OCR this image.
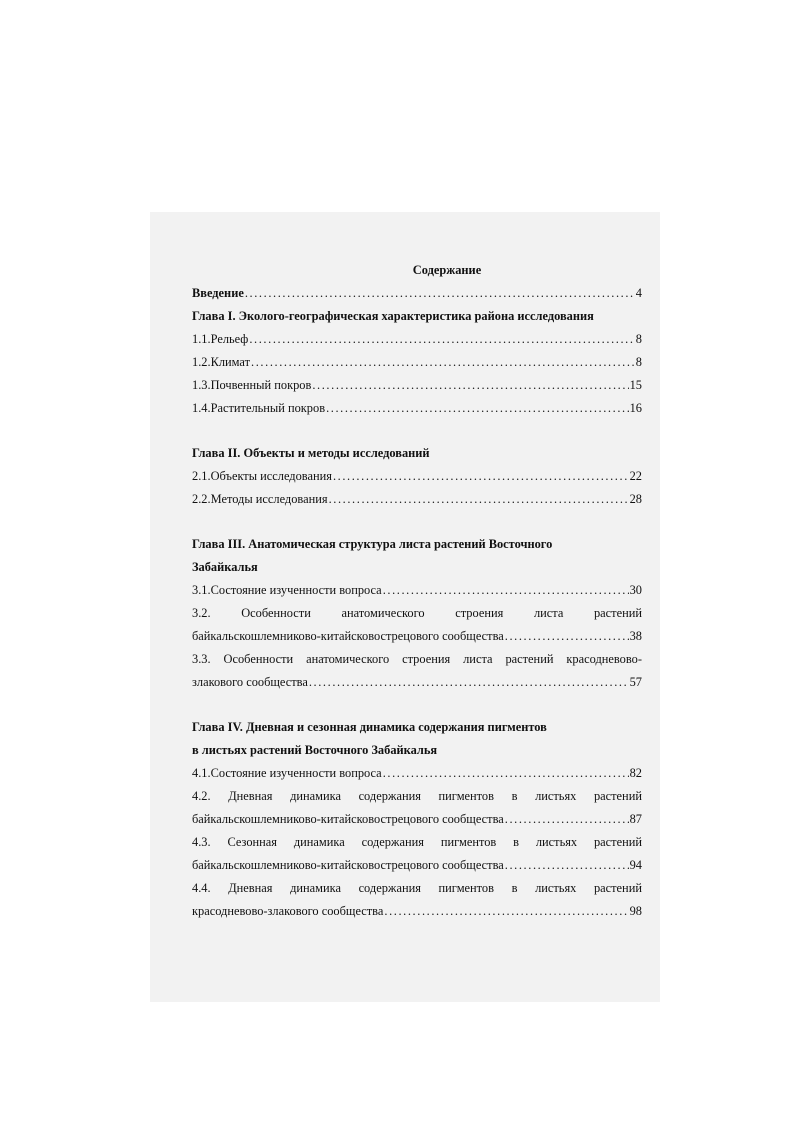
Содержание
Введение .....	4
Глава I. Эколого-географическая характеристика района исследования
1.1. Рельеф .....	8
1.2. Климат .....	8
1.3. Почвенный покров .....	15
1.4. Растительный покров .....	16
Глава II. Объекты и методы исследований
2.1. Объекты исследования .....	22
2.2. Методы исследования .....	28
Глава III. Анатомическая структура листа растений Восточного
Забайкалья
3.1. Состояние изученности вопроса .....	30
3.2. Особенности анатомического строения листа растений
байкальскошлемниково-китайсковострецового сообщества .....	38
3.3. Особенности анатомического строения листа растений красодневово-
злакового сообщества .....	57
Глава IV. Дневная и сезонная динамика содержания пигментов
в листьях растений Восточного Забайкалья
4.1. Состояние изученности вопроса .....	82
4.2. Дневная динамика содержания пигментов в листьях растений
байкальскошлемниково-китайсковострецового сообщества .....	87
4.3. Сезонная динамика содержания пигментов в листьях растений
байкальскошлемниково-китайсковострецового сообщества .....	94
4.4. Дневная динамика содержания пигментов в листьях растений
красодневово-злакового сообщества .....	98
